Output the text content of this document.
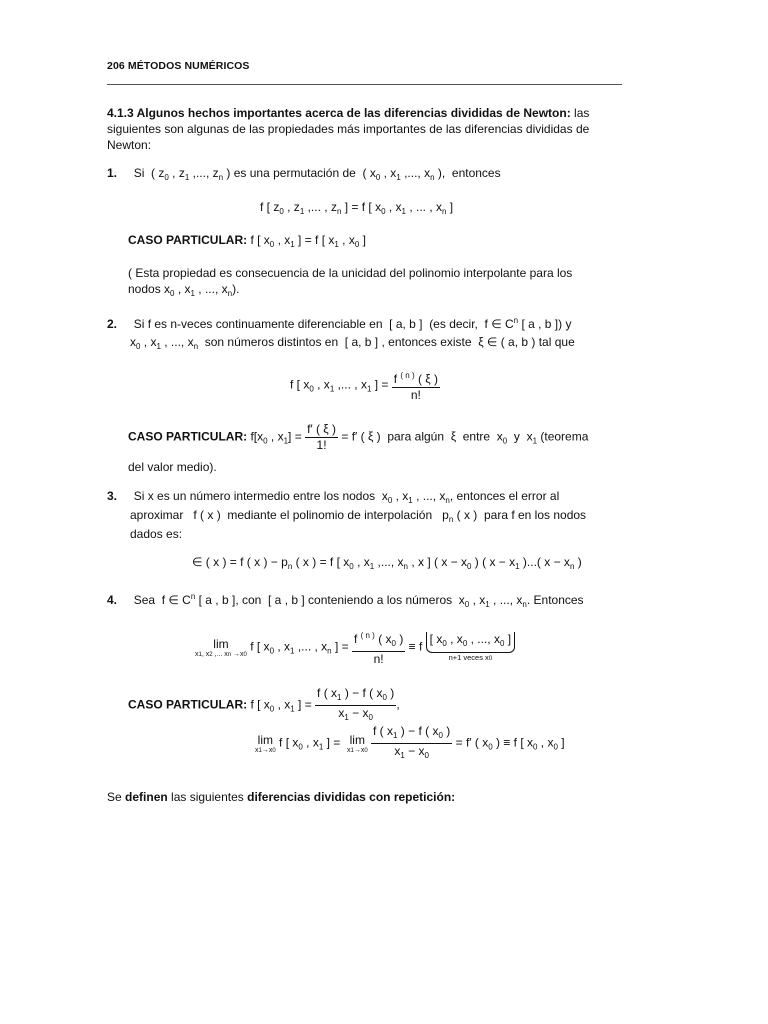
206 MÉTODOS NUMÉRICOS
4.1.3 Algunos hechos importantes acerca de las diferencias divididas de Newton: las
siguientes son algunas de las propiedades más importantes de las diferencias divididas de
Newton:
1. Si  ( $z_0$ , $z_1$ ,..., $z_n$ ) es una permutación de  ( $x_0$ , $x_1$ ,..., $x_n$ ),  entonces
f [ $z_0$ , $z_1$ ,... , $z_n$ ] = f [ $x_0$ , $x_1$ , ... , $x_n$ ]
CASO PARTICULAR: f [ $x_0$ , $x_1$ ] = f [ $x_1$ , $x_0$ ]
( Esta propiedad es consecuencia de la unicidad del polinomio interpolante para los
nodos $x_0$ , $x_1$ , ..., $x_n$).
2. Si f es n-veces continuamente diferenciable en  [ a, b ]  (es decir,  f ∈ $C^n$ [ a , b ]) y
$x_0$ , $x_1$ , ..., $x_n$ son números distintos en  [ a, b ] , entonces existe  ξ ∈ ( a, b ) tal que
f [ $x_0$ , $x_1$ ,... , $x_1$ ] = $\frac{f ^{( n )} ( \xi )}{n!}$
CASO PARTICULAR: $f[x_0$ , $x_1] = \frac{f' ( \xi )}{1!} = f'$ ( ξ )  para algún  ξ  entre  $x_0$ y  $x_1$ (teorema
del valor medio).
3. Si x es un número intermedio entre los nodos  $x_0$ , $x_1$ , ..., $x_n$, entonces el error al
aproximar   f ( x )  mediante el polinomio de interpolación   $p_n$ ( x )  para f en los nodos
dados es:
∈ ( x ) = f ( x ) − $p_n$ ( x ) = f [ $x_0$ , $x_1$ ,..., $x_n$ , x ] ( $x - x_0$ ) ( $x - x_1$ )...( $x - x_n$ )
4. Sea  f ∈ $C^n$ [ a , b ], con  [ a , b ] conteniendo a los números  $x_0$ , $x_1$ , ..., $x_n$. Entonces
lim
x1, x2 ,... xn →x0
f [ $x_0$ , $x_1$ ,... , $x_n$ ] = $\frac{f ^{( n )} ( x_0 )}{n!} \equiv f$
[ $x_0$ , $x_0$ , ..., $x_0$ ]
n+1 veces x0
CASO PARTICULAR: f [ $x_0$ , $x_1$ ] = $\frac{f ( x_1 ) - f ( x_0 )}{x_1 - x_0}$ ,
lim
x1→x0
f [ $x_0$ , $x_1$ ] = lim
x1→x0
$\frac{f ( x_1 ) - f ( x_0 )}{x_1 - x_0} = f'$ ( $x_0$ ) ≡ f [ $x_0$ , $x_0$ ]
Se definen las siguientes diferencias divididas con repetición:
